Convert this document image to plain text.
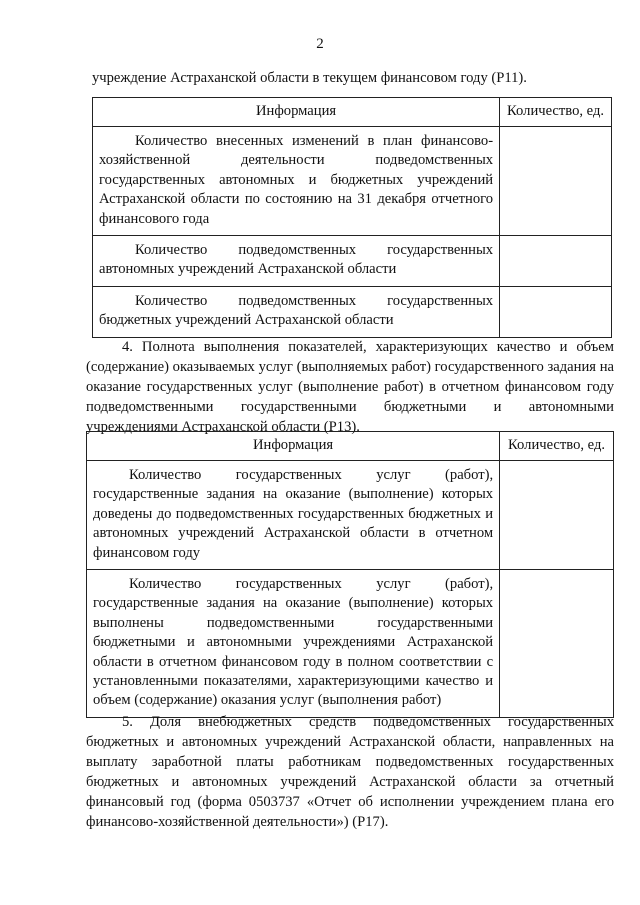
2
учреждение Астраханской области в текущем финансовом году (Р11).
Информация	Количество, ед.

Количество внесенных изменений в план финансово-хозяйственной деятельности подведомственных государственных автономных и бюджетных учреждений Астраханской области по состоянию на 31 декабря отчетного финансового года	

Количество подведомственных государственных автономных учреждений Астраханской области	

Количество подведомственных государственных бюджетных учреждений Астраханской области	

4. Полнота выполнения показателей, характеризующих качество и объем (содержание) оказываемых услуг (выполняемых работ) государственного задания на оказание государственных услуг (выполнение работ) в отчетном финансовом году подведомственными государственными бюджетными и автономными учреждениями Астраханской области (Р13).
Информация	Количество, ед.

Количество государственных услуг (работ), государственные задания на оказание (выполнение) которых доведены до подведомственных государственных бюджетных и автономных учреждений Астраханской области в отчетном финансовом году	

Количество государственных услуг (работ), государственные задания на оказание (выполнение) которых выполнены подведомственными государственными бюджетными и автономными учреждениями Астраханской области в отчетном финансовом году в полном соответствии с установленными показателями, характеризующими качество и объем (содержание) оказания услуг (выполнения работ)	

5. Доля внебюджетных средств подведомственных государственных бюджетных и автономных учреждений Астраханской области, направленных на выплату заработной платы работникам подведомственных государственных бюджетных и автономных учреждений Астраханской области за отчетный финансовый год (форма 0503737 «Отчет об исполнении учреждением плана его финансово-хозяйственной деятельности») (Р17).
